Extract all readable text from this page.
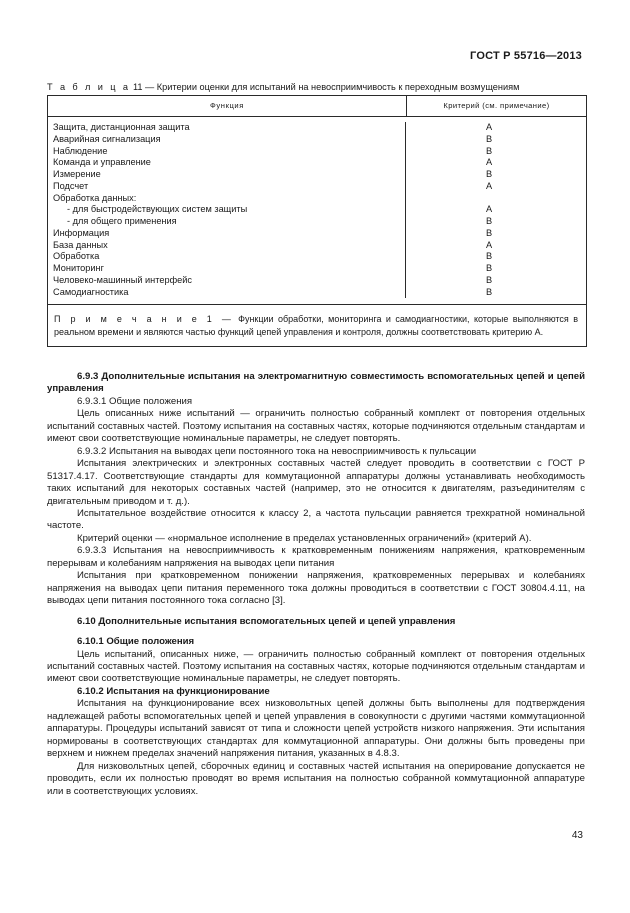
ГОСТ Р 55716—2013
Т а б л и ц а 11 — Критерии оценки для испытаний на невосприимчивость к переходным возмущениям
Функция	Критерий (см. примечание)
Защита, дистанционная защита
Аварийная сигнализация
Наблюдение
Команда и управление
Измерение
Подсчет
Обработка данных:
- для быстродействующих систем защиты
- для общего применения
Информация
База данных
Обработка
Мониторинг
Человеко-машинный интерфейс
Самодиагностика
A
B
B
A
B
A
A
B
B
A
B
B
B
B
П р и м е ч а н и е 1 — Функции обработки, мониторинга и самодиагностики, которые выполняются в реальном времени и являются частью функций цепей управления и контроля, должны соответствовать критерию А.

6.9.3 Дополнительные испытания на электромагнитную совместимость вспомогательных цепей и цепей управления

6.9.3.1 Общие положения

Цель описанных ниже испытаний — ограничить полностью собранный комплект от повторения отдельных испытаний составных частей. Поэтому испытания на составных частях, которые подчиняются отдельным стандартам и имеют свои соответствующие номинальные параметры, не следует повторять.

6.9.3.2 Испытания на выводах цепи постоянного тока на невосприимчивость к пульсации

Испытания электрических и электронных составных частей следует проводить в соответствии с ГОСТ Р 51317.4.17. Соответствующие стандарты для коммутационной аппаратуры должны устанавливать необходимость таких испытаний для некоторых составных частей (например, это не относится к двигателям, разъединителям с двигательным приводом и т. д.).

Испытательное воздействие относится к классу 2, а частота пульсации равняется трехкратной номинальной частоте.

Критерий оценки — «нормальное исполнение в пределах установленных ограничений» (критерий А).

6.9.3.3 Испытания на невосприимчивость к кратковременным понижениям напряжения, кратковременным перерывам и колебаниям напряжения на выводах цепи питания

Испытания при кратковременном понижении напряжения, кратковременных перерывах и колебаниях напряжения на выводах цепи питания переменного тока должны проводиться в соответствии с ГОСТ 30804.4.11, на выводах цепи питания постоянного тока согласно [3].

6.10 Дополнительные испытания вспомогательных цепей и цепей управления

6.10.1 Общие положения

Цель испытаний, описанных ниже, — ограничить полностью собранный комплект от повторения отдельных испытаний составных частей. Поэтому испытания на составных частях, которые подчиняются отдельным стандартам и имеют свои соответствующие номинальные параметры, не следует повторять.

6.10.2 Испытания на функционирование

Испытания на функционирование всех низковольтных цепей должны быть выполнены для подтверждения надлежащей работы вспомогательных цепей и цепей управления в совокупности с другими частями коммутационной аппаратуры. Процедуры испытаний зависят от типа и сложности цепей устройств низкого напряжения. Эти испытания нормированы в соответствующих стандартах для коммутационной аппаратуры. Они должны быть проведены при верхнем и нижнем пределах значений напряжения питания, указанных в 4.8.3.

Для низковольтных цепей, сборочных единиц и составных частей испытания на оперирование допускается не проводить, если их полностью проводят во время испытания на полностью собранной коммутационной аппаратуре или в соответствующих условиях.

43
